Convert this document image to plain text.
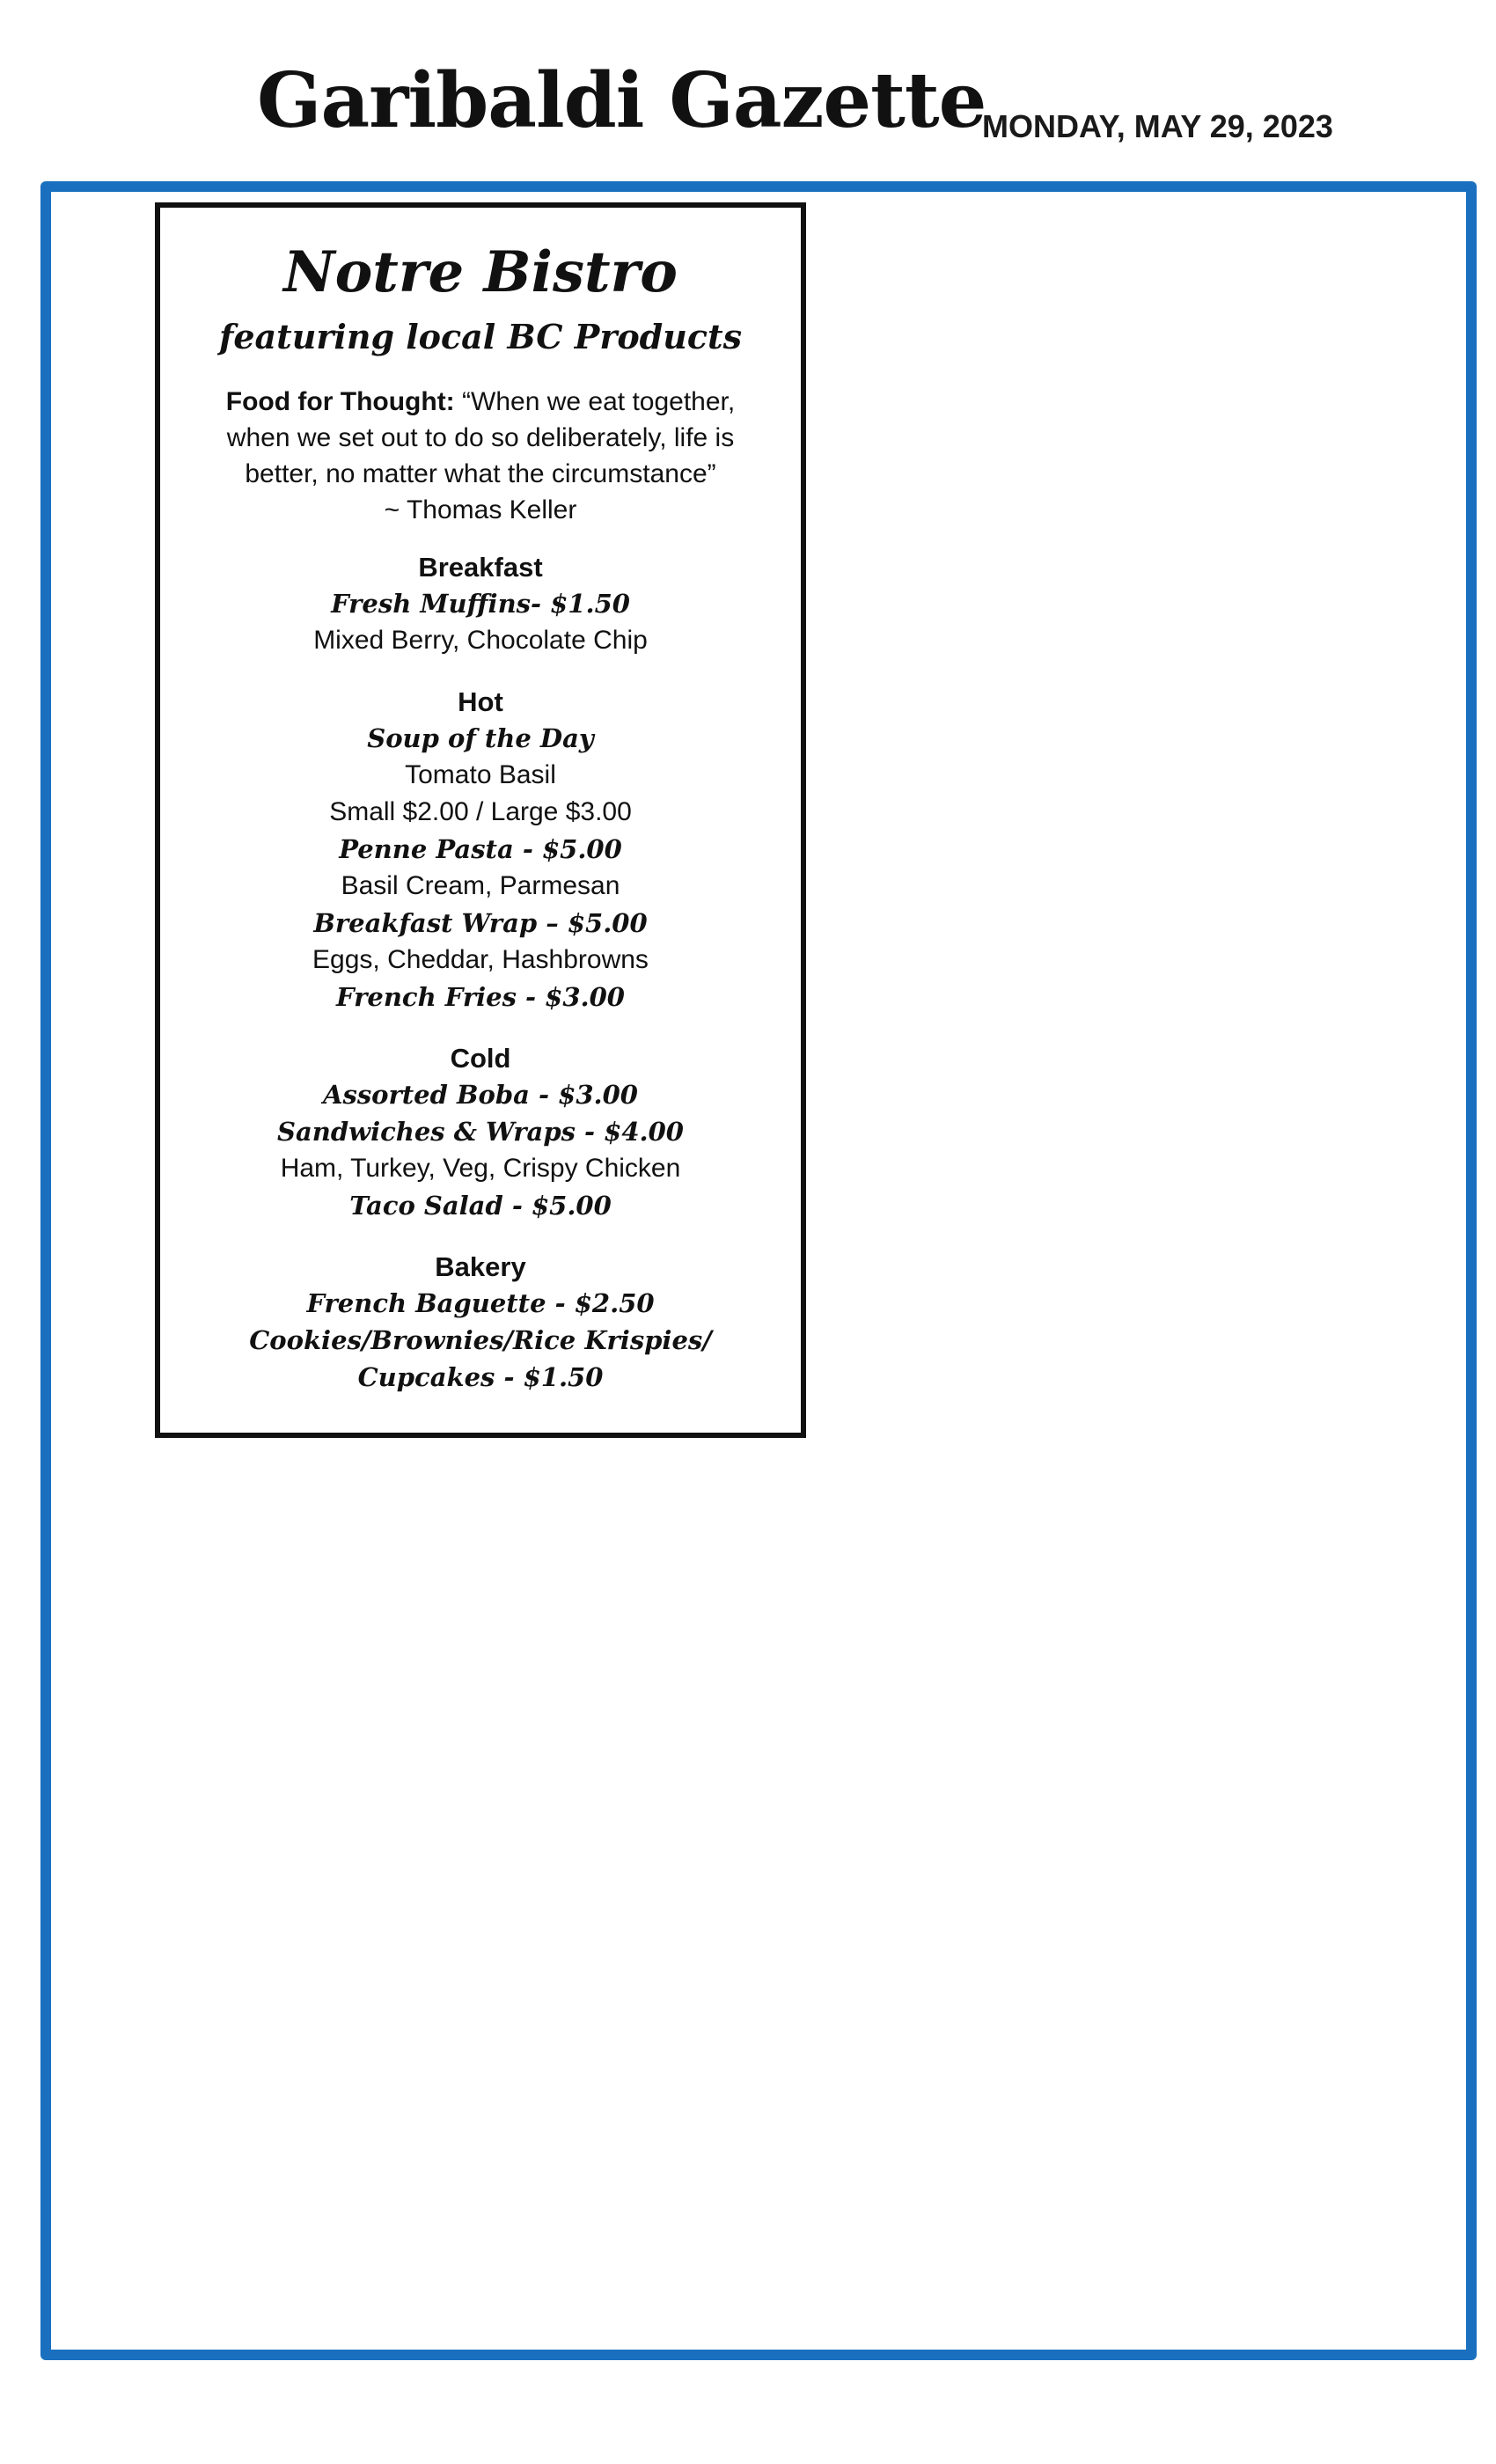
Garibaldi Gazette
MONDAY, MAY 29, 2023
Notre Bistro
featuring local BC Products
Food for Thought: “When we eat together,
when we set out to do so deliberately, life is
better, no matter what the circumstance”
~ Thomas Keller
Breakfast
Fresh Muffins- $1.50
Mixed Berry, Chocolate Chip
Hot
Soup of the Day
Tomato Basil
Small $2.00 / Large $3.00
Penne Pasta - $5.00
Basil Cream, Parmesan
Breakfast Wrap – $5.00
Eggs, Cheddar, Hashbrowns
French Fries - $3.00
Cold
Assorted Boba - $3.00
Sandwiches & Wraps - $4.00
Ham, Turkey, Veg, Crispy Chicken
Taco Salad - $5.00
Bakery
French Baguette - $2.50
Cookies/Brownies/Rice Krispies/
Cupcakes - $1.50
